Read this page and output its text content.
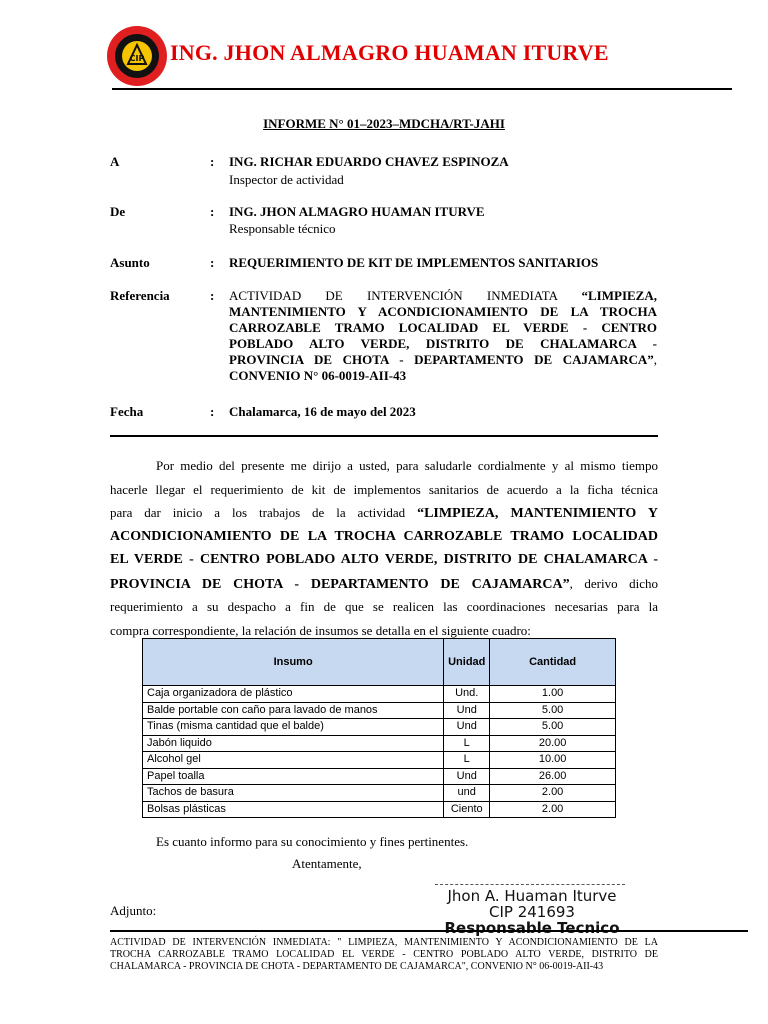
CIP ING. JHON ALMAGRO HUAMAN ITURVE
INFORME N° 01–2023–MDCHA/RT-JAHI
A	: ING. RICHAR EDUARDO CHAVEZ ESPINOZA
Inspector de actividad
De	: ING. JHON ALMAGRO HUAMAN ITURVE
Responsable técnico
Asunto	: REQUERIMIENTO DE KIT DE IMPLEMENTOS SANITARIOS
Referencia	: ACTIVIDAD DE INTERVENCIÓN INMEDIATA “LIMPIEZA,
MANTENIMIENTO Y ACONDICIONAMIENTO DE LA TROCHA
CARROZABLE TRAMO LOCALIDAD EL VERDE - CENTRO
POBLADO ALTO VERDE, DISTRITO DE CHALAMARCA -
PROVINCIA DE CHOTA - DEPARTAMENTO DE CAJAMARCA”,
CONVENIO N° 06-0019-AII-43
Fecha	: Chalamarca, 16 de mayo del 2023
Por medio del presente me dirijo a usted, para saludarle cordialmente y al mismo tiempo
hacerle llegar el requerimiento de kit de implementos sanitarios de acuerdo a la ficha técnica
para dar inicio a los trabajos de la actividad “LIMPIEZA, MANTENIMIENTO Y
ACONDICIONAMIENTO DE LA TROCHA CARROZABLE TRAMO LOCALIDAD
EL VERDE - CENTRO POBLADO ALTO VERDE, DISTRITO DE CHALAMARCA -
PROVINCIA DE CHOTA - DEPARTAMENTO DE CAJAMARCA”, derivo dicho
requerimiento a su despacho a fin de que se realicen las coordinaciones necesarias para la
compra correspondiente, la relación de insumos se detalla en el siguiente cuadro:
Insumo	Unidad	Cantidad
Caja organizadora de plástico	Und.	1.00
Balde portable con caño para lavado de manos	Und	5.00
Tinas (misma cantidad que el balde)	Und	5.00
Jabón liquido	L	20.00
Alcohol gel	L	10.00
Papel toalla	Und	26.00
Tachos de basura	und	2.00
Bolsas plásticas	Ciento	2.00
Es cuanto informo para su conocimiento y fines pertinentes.
Atentamente,
Adjunto:
Jhon A. Huaman Iturve
CIP 241693
Responsable Tecnico
ACTIVIDAD DE INTERVENCIÓN INMEDIATA: " LIMPIEZA, MANTENIMIENTO Y ACONDICIONAMIENTO DE LA
TROCHA CARROZABLE TRAMO LOCALIDAD EL VERDE - CENTRO POBLADO ALTO VERDE, DISTRITO DE
CHALAMARCA - PROVINCIA DE CHOTA - DEPARTAMENTO DE CAJAMARCA", CONVENIO N° 06-0019-AII-43
